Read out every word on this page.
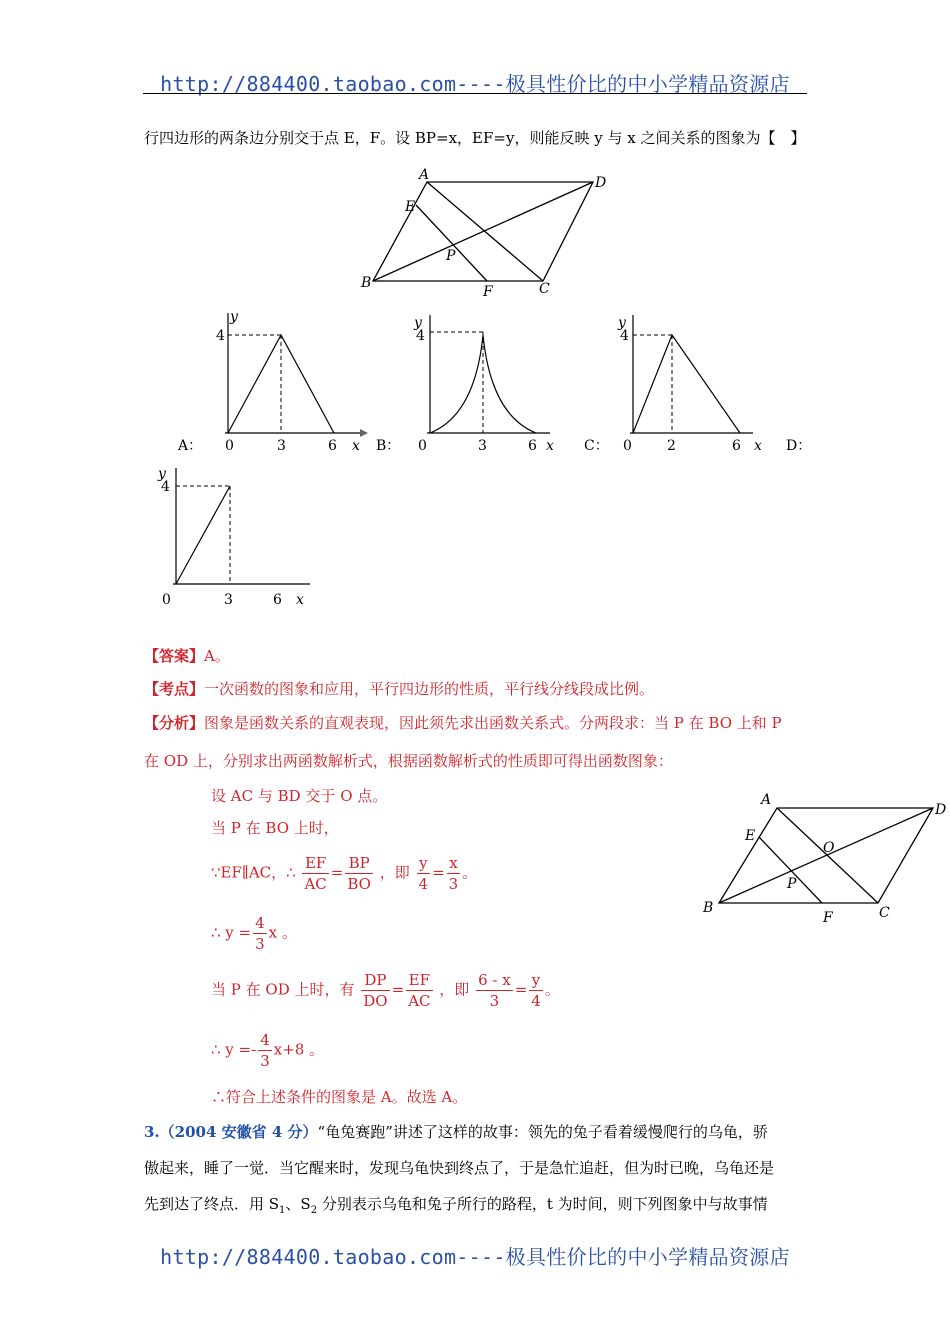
http://884400.taobao.com----极具性价比的中小学精品资源店
行四边形的两条边分别交于点 E，F。设 BP=x，EF=y，则能反映 y 与 x 之间关系的图象为【　】
A	D
E
P
B
F	C
4
y
0	3	6 x
A：
4
y
0	3	6 x
B：
4
y
0	2	6 x
C：	D：
4
y
0	3	6 x
【答案】A。
【考点】一次函数的图象和应用，平行四边形的性质，平行线分线段成比例。
【分析】图象是函数关系的直观表现，因此须先求出函数关系式。分两段求：当 P 在 BO 上和 P
在 OD 上，分别求出两函数解析式，根据函数解析式的性质即可得出函数图象：
设 AC 与 BD 交于 O 点。
当 P 在 BO 上时，
∵EF∥AC，∴ $\frac{EF}{AC} = \frac{BP}{BO}$ ，即 $\frac{y}{4} = \frac{x}{3}$ 。
∴ $y = \frac{4}{3}$ x 。
当 P 在 OD 上时，有 $\frac{DP}{DO} = \frac{EF}{AC}$ ，即 $\frac{6 - x}{3} = \frac{y}{4}$ 。
∴ $y =- \frac{4}{3} x+8$ 。
∴符合上述条件的图象是 A。故选 A。
A
D
E
O
P
B
F	C
3.（2004 安徽省 4 分）“龟兔赛跑”讲述了这样的故事：领先的兔子看着缓慢爬行的乌龟，骄
傲起来，睡了一觉．当它醒来时，发现乌龟快到终点了，于是急忙追赶，但为时已晚，乌龟还是
先到达了终点．用 $S_1$、$S_2$ 分别表示乌龟和兔子所行的路程，t 为时间，则下列图象中与故事情
http://884400.taobao.com----极具性价比的中小学精品资源店
